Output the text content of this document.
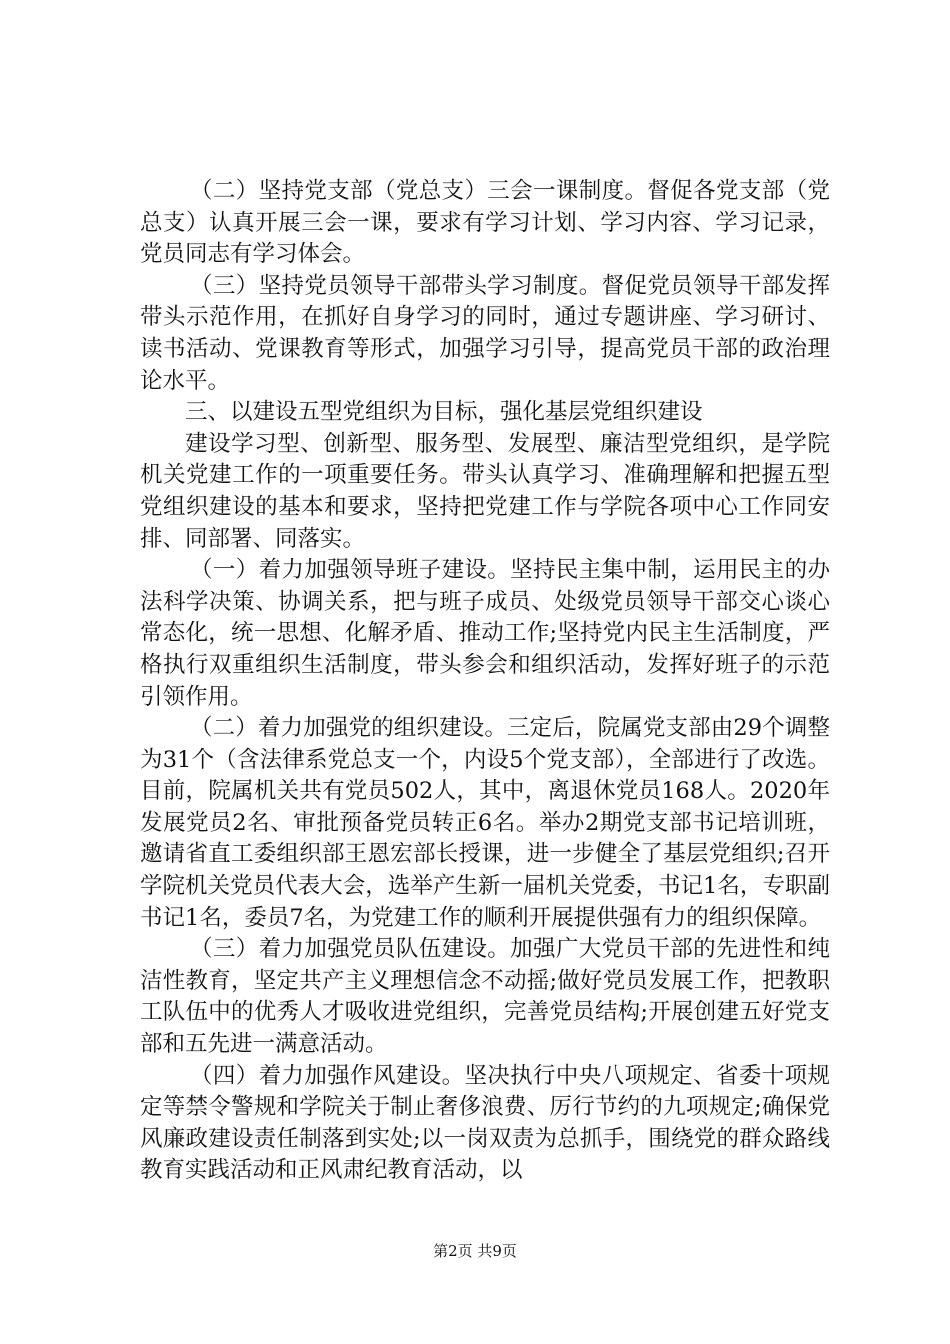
（二）坚持党支部（党总支）三会一课制度。督促各党支部（党总支）认真开展三会一课，要求有学习计划、学习内容、学习记录，党员同志有学习体会。

（三）坚持党员领导干部带头学习制度。督促党员领导干部发挥带头示范作用，在抓好自身学习的同时，通过专题讲座、学习研讨、读书活动、党课教育等形式，加强学习引导，提高党员干部的政治理论水平。

三、以建设五型党组织为目标，强化基层党组织建设

建设学习型、创新型、服务型、发展型、廉洁型党组织，是学院机关党建工作的一项重要任务。带头认真学习、准确理解和把握五型党组织建设的基本和要求，坚持把党建工作与学院各项中心工作同安排、同部署、同落实。

（一）着力加强领导班子建设。坚持民主集中制，运用民主的办法科学决策、协调关系，把与班子成员、处级党员领导干部交心谈心常态化，统一思想、化解矛盾、推动工作;坚持党内民主生活制度，严格执行双重组织生活制度，带头参会和组织活动，发挥好班子的示范引领作用。

（二）着力加强党的组织建设。三定后，院属党支部由29个调整为31个（含法律系党总支一个，内设5个党支部），全部进行了改选。目前，院属机关共有党员502人，其中，离退休党员168人。2020年发展党员2名、审批预备党员转正6名。举办2期党支部书记培训班，邀请省直工委组织部王恩宏部长授课，进一步健全了基层党组织;召开学院机关党员代表大会，选举产生新一届机关党委，书记1名，专职副书记1名，委员7名，为党建工作的顺利开展提供强有力的组织保障。

（三）着力加强党员队伍建设。加强广大党员干部的先进性和纯洁性教育，坚定共产主义理想信念不动摇;做好党员发展工作，把教职工队伍中的优秀人才吸收进党组织，完善党员结构;开展创建五好党支部和五先进一满意活动。

（四）着力加强作风建设。坚决执行中央八项规定、省委十项规定等禁令警规和学院关于制止奢侈浪费、厉行节约的九项规定;确保党风廉政建设责任制落到实处;以一岗双责为总抓手，围绕党的群众路线教育实践活动和正风肃纪教育活动，以

第2页 共9页
